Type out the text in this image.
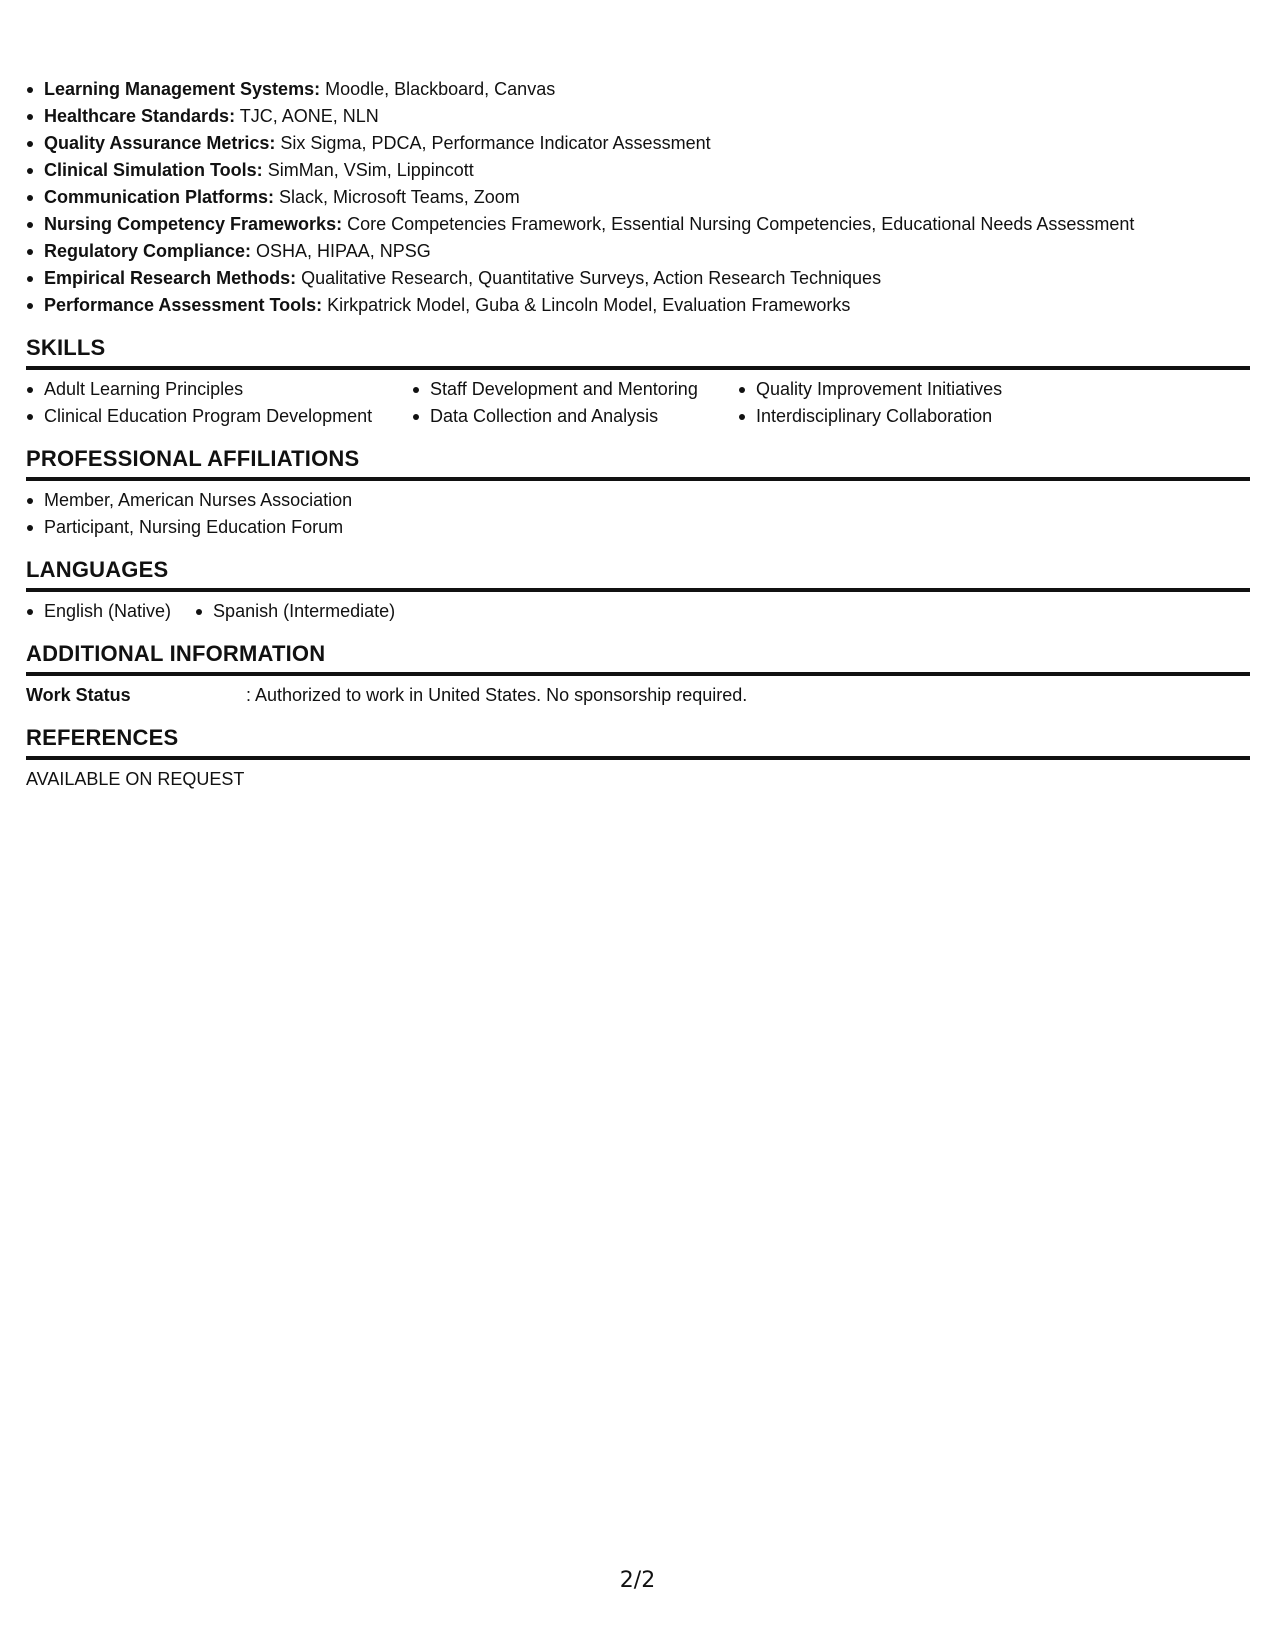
Learning Management Systems: Moodle, Blackboard, Canvas
Healthcare Standards: TJC, AONE, NLN
Quality Assurance Metrics: Six Sigma, PDCA, Performance Indicator Assessment
Clinical Simulation Tools: SimMan, VSim, Lippincott
Communication Platforms: Slack, Microsoft Teams, Zoom
Nursing Competency Frameworks: Core Competencies Framework, Essential Nursing Competencies, Educational Needs Assessment
Regulatory Compliance: OSHA, HIPAA, NPSG
Empirical Research Methods: Qualitative Research, Quantitative Surveys, Action Research Techniques
Performance Assessment Tools: Kirkpatrick Model, Guba & Lincoln Model, Evaluation Frameworks
SKILLS
Adult Learning Principles
Clinical Education Program Development
Staff Development and Mentoring
Data Collection and Analysis
Quality Improvement Initiatives
Interdisciplinary Collaboration
PROFESSIONAL AFFILIATIONS
Member, American Nurses Association
Participant, Nursing Education Forum
LANGUAGES
English (Native)	Spanish (Intermediate)
ADDITIONAL INFORMATION
Work Status	: Authorized to work in United States. No sponsorship required.
REFERENCES
AVAILABLE ON REQUEST
2/2
